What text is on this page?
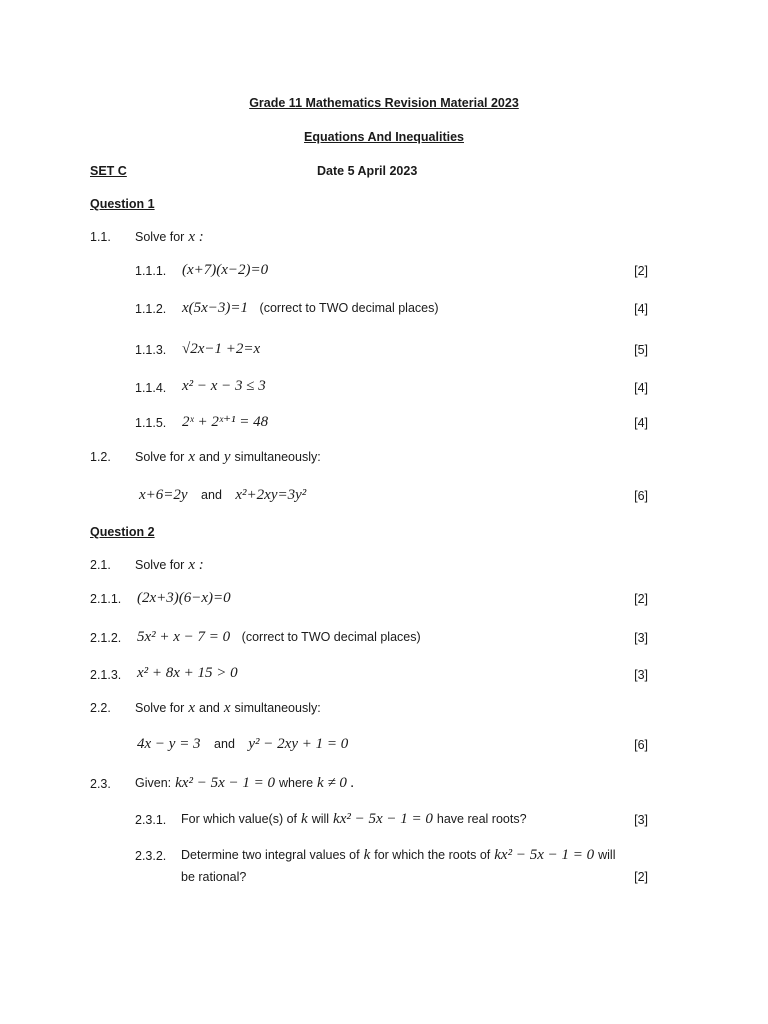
Grade 11 Mathematics Revision Material 2023
Equations And Inequalities
SET C	Date 5 April 2023
Question 1
1.1. Solve for x :
1.1.1. (x+7)(x−2)=0	[2]
1.1.2. x(5x−3)=1 (correct to TWO decimal places)	[4]
1.1.3. √2x−1 +2=x	[5]
1.1.4. x² − x − 3 ≤ 3	[4]
1.1.5. 2ˣ + 2ˣ⁺¹ = 48	[4]
1.2. Solve for x and y simultaneously:
x+6=2y and x²+2xy=3y²	[6]
Question 2
2.1. Solve for x :
2.1.1. (2x+3)(6−x)=0	[2]
2.1.2. 5x² + x − 7 = 0 (correct to TWO decimal places)	[3]
2.1.3. x² + 8x + 15 > 0	[3]
2.2. Solve for x and x simultaneously:
4x − y = 3 and y² − 2xy + 1 = 0	[6]
2.3. Given: kx² − 5x − 1 = 0 where k ≠ 0 .
2.3.1. For which value(s) of k will kx² − 5x − 1 = 0 have real roots?	[3]
2.3.2. Determine two integral values of k for which the roots of kx² − 5x − 1 = 0 will
be rational?	[2]
